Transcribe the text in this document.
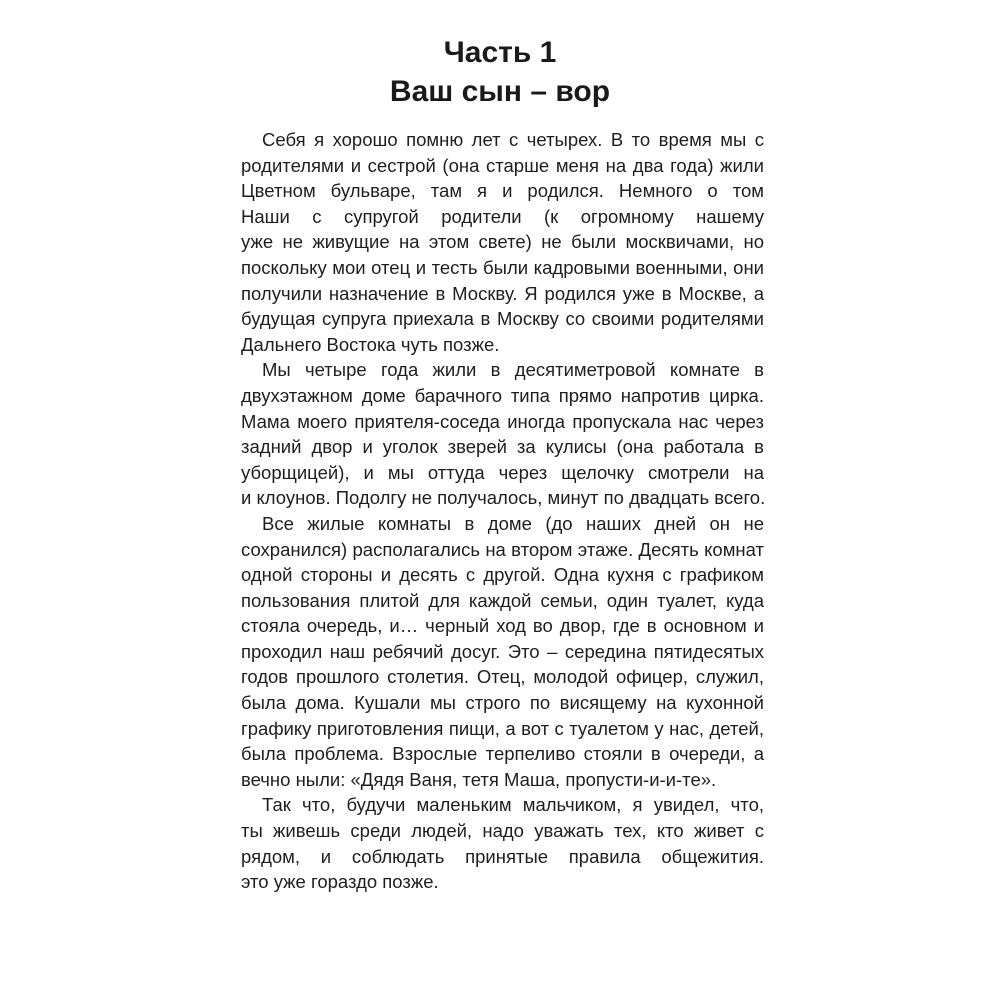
Часть 1
Ваш сын – вор
Себя я хорошо помню лет с четырех. В то время мы с
родителями и сестрой (она старше меня на два года) жили
Цветном бульваре, там я и родился. Немного о том
Наши с супругой родители (к огромному нашему
уже не живущие на этом свете) не были москвичами, но
поскольку мои отец и тесть были кадровыми военными, они
получили назначение в Москву. Я родился уже в Москве, а
будущая супруга приехала в Москву со своими родителями
Дальнего Востока чуть позже.
Мы четыре года жили в десятиметровой комнате в
двухэтажном доме барачного типа прямо напротив цирка.
Мама моего приятеля-соседа иногда пропускала нас через
задний двор и уголок зверей за кулисы (она работала в
уборщицей), и мы оттуда через щелочку смотрели на
и клоунов. Подолгу не получалось, минут по двадцать всего.
Все жилые комнаты в доме (до наших дней он не
сохранился) располагались на втором этаже. Десять комнат
одной стороны и десять с другой. Одна кухня с графиком
пользования плитой для каждой семьи, один туалет, куда
стояла очередь, и… черный ход во двор, где в основном и
проходил наш ребячий досуг. Это – середина пятидесятых
годов прошлого столетия. Отец, молодой офицер, служил,
была дома. Кушали мы строго по висящему на кухонной
графику приготовления пищи, а вот с туалетом у нас, детей,
была проблема. Взрослые терпеливо стояли в очереди, а
вечно ныли: «Дядя Ваня, тетя Маша, пропусти-и-и-те».
Так что, будучи маленьким мальчиком, я увидел, что,
ты живешь среди людей, надо уважать тех, кто живет с
рядом, и соблюдать принятые правила общежития.
это уже гораздо позже.
